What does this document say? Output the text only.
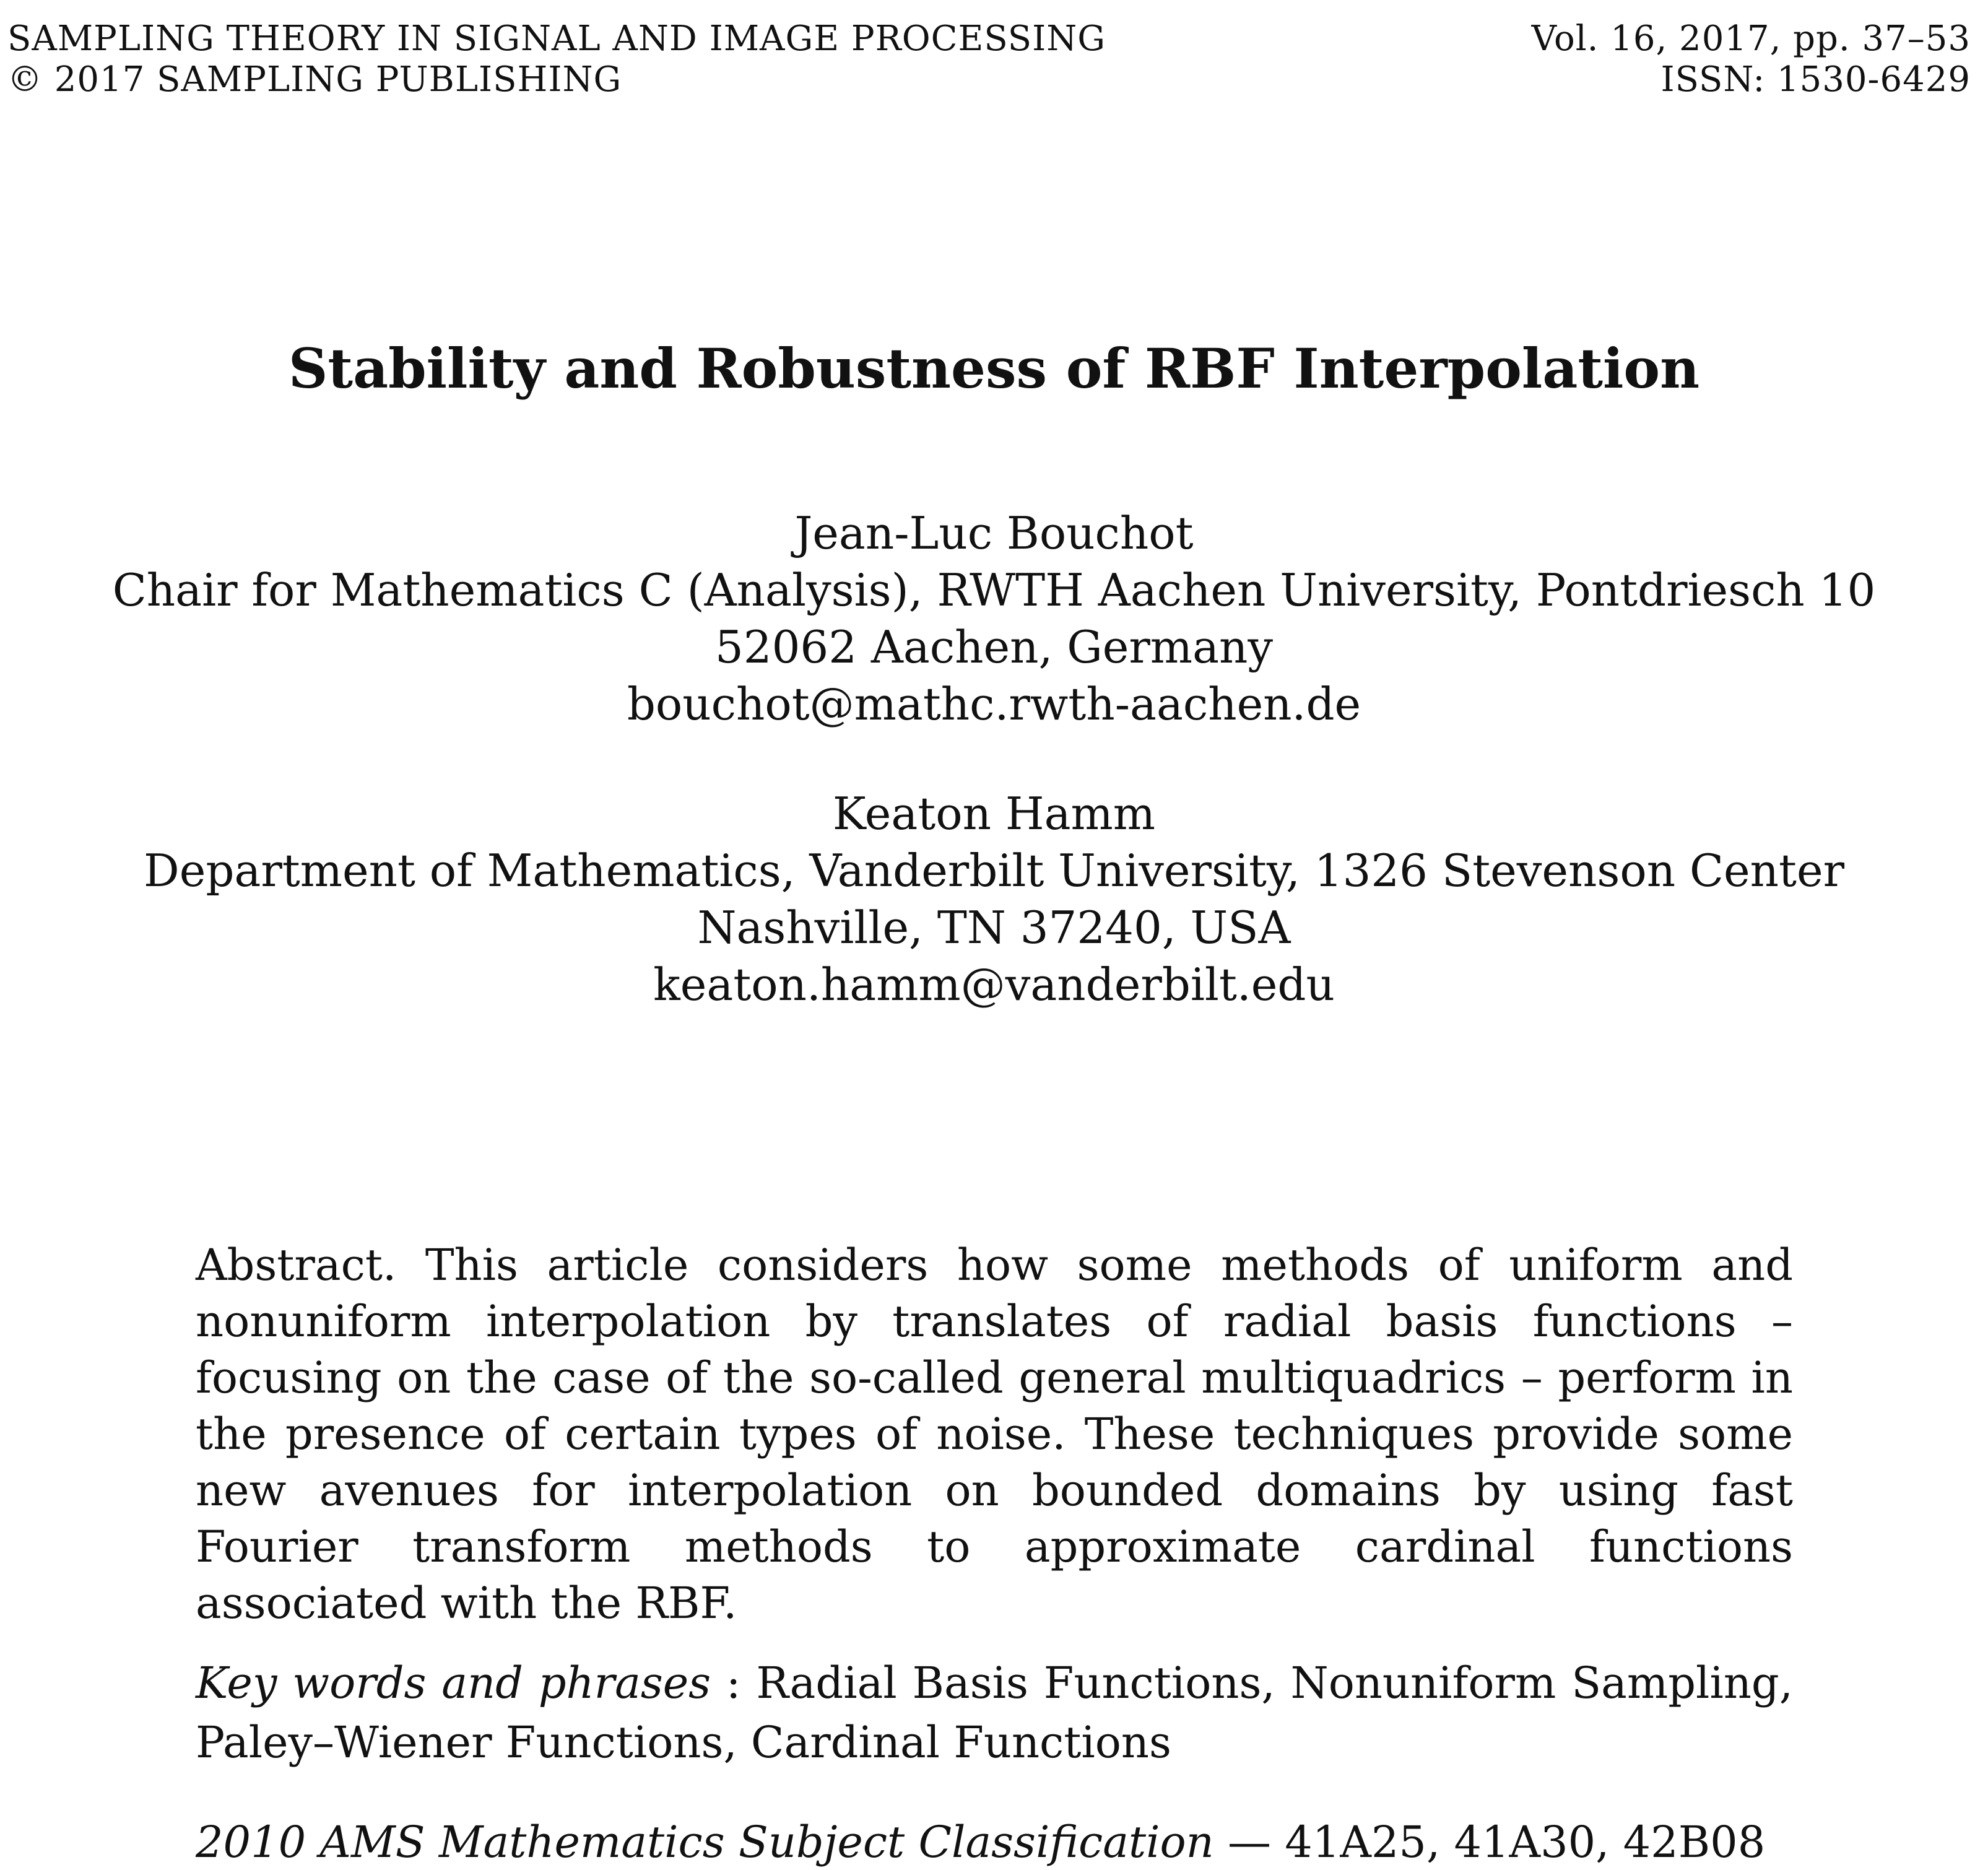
SAMPLING THEORY IN SIGNAL AND IMAGE PROCESSING
© 2017 SAMPLING PUBLISHING
Vol. 16, 2017, pp. 37–53
ISSN: 1530-6429
Stability and Robustness of RBF Interpolation
Jean-Luc Bouchot
Chair for Mathematics C (Analysis), RWTH Aachen University, Pontdriesch 10
52062 Aachen, Germany
bouchot@mathc.rwth-aachen.de
Keaton Hamm
Department of Mathematics, Vanderbilt University, 1326 Stevenson Center
Nashville, TN 37240, USA
keaton.hamm@vanderbilt.edu
Abstract. This article considers how some methods of uniform and nonuniform interpolation by translates of radial basis functions – focusing on the case of the so-called general multiquadrics – perform in the presence of certain types of noise. These techniques provide some new avenues for interpolation on bounded domains by using fast Fourier transform methods to approximate cardinal functions associated with the RBF.
Key words and phrases : Radial Basis Functions, Nonuniform Sampling, Paley–Wiener Functions, Cardinal Functions
2010 AMS Mathematics Subject Classification — 41A25, 41A30, 42B08
